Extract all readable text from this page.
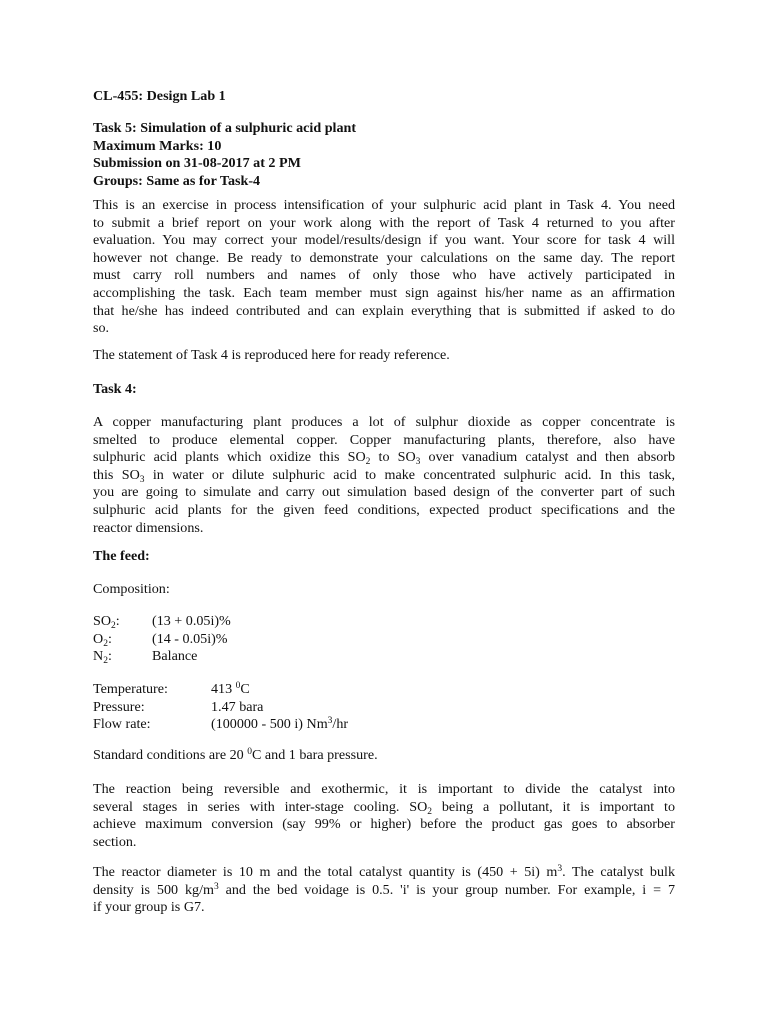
CL-455: Design Lab 1
Task 5: Simulation of a sulphuric acid plant
Maximum Marks: 10
Submission on 31-08-2017 at 2 PM
Groups: Same as for Task-4
This is an exercise in process intensification of your sulphuric acid plant in Task 4. You need
to submit a brief report on your work along with the report of Task 4 returned to you after
evaluation. You may correct your model/results/design if you want. Your score for task 4 will
however not change. Be ready to demonstrate your calculations on the same day. The report
must carry roll numbers and names of only those who have actively participated in
accomplishing the task. Each team member must sign against his/her name as an affirmation
that he/she has indeed contributed and can explain everything that is submitted if asked to do
so.
The statement of Task 4 is reproduced here for ready reference.
Task 4:
A copper manufacturing plant produces a lot of sulphur dioxide as copper concentrate is
smelted to produce elemental copper. Copper manufacturing plants, therefore, also have
sulphuric acid plants which oxidize this $SO_2$ to $SO_3$ over vanadium catalyst and then absorb
this $SO_3$ in water or dilute sulphuric acid to make concentrated sulphuric acid. In this task,
you are going to simulate and carry out simulation based design of the converter part of such
sulphuric acid plants for the given feed conditions, expected product specifications and the
reactor dimensions.
The feed:
Composition:
$SO_2$: (13 + 0.05i)%
$O_2$:	(14 - 0.05i)%
$N_2$:	Balance
Temperature:	413 $^0$C
Pressure:	1.47 bara
Flow rate:	(100000 - 500 i) Nm$^3$/hr
Standard conditions are 20 $^0$C and 1 bara pressure.
The reaction being reversible and exothermic, it is important to divide the catalyst into
several stages in series with inter-stage cooling. $SO_2$ being a pollutant, it is important to
achieve maximum conversion (say 99% or higher) before the product gas goes to absorber
section.
The reactor diameter is 10 m and the total catalyst quantity is (450 + 5i) $m^3$. The catalyst bulk
density is 500 $kg/m^3$ and the bed voidage is 0.5. 'i' is your group number. For example, i = 7
if your group is G7.
